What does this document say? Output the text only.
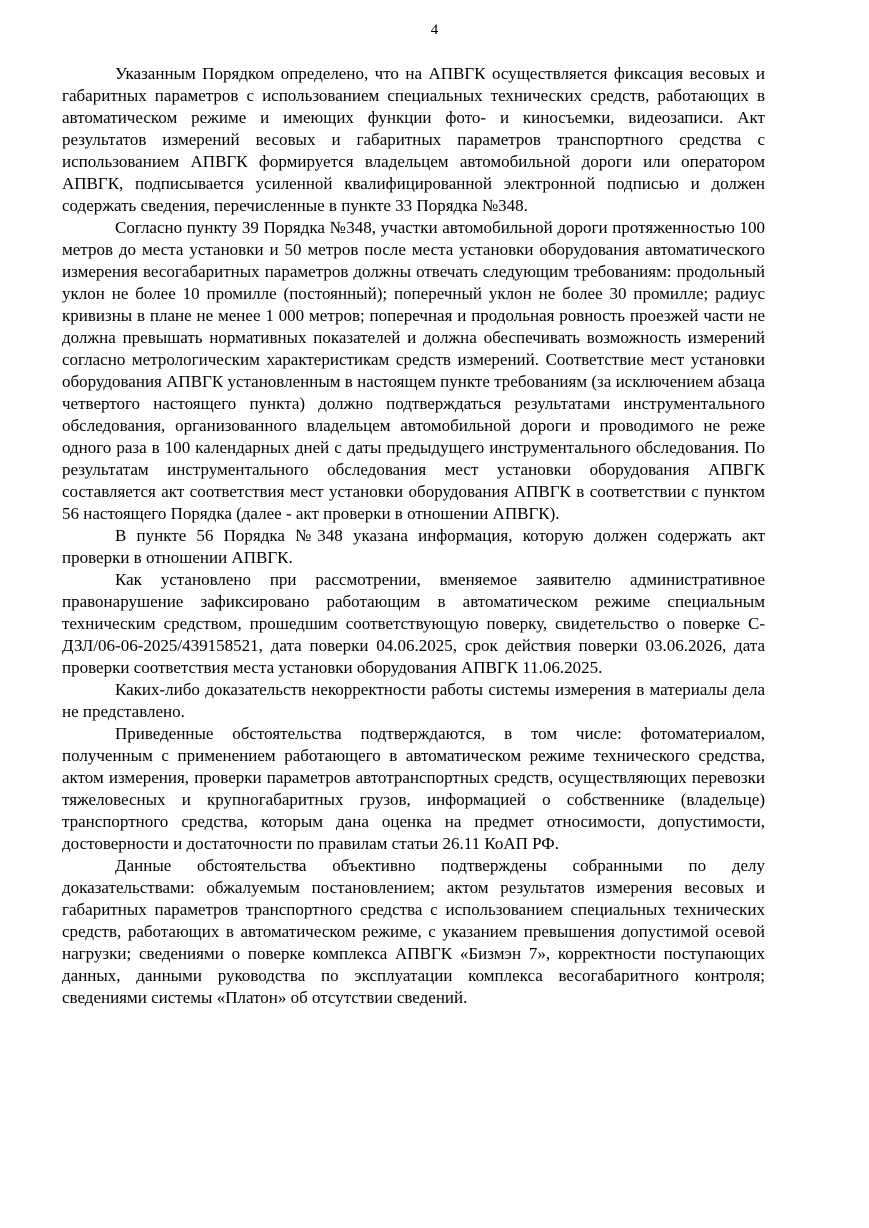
4

Указанным Порядком определено, что на АПВГК осуществляется фиксация весовых и габаритных параметров с использованием специальных технических средств, работающих в автоматическом режиме и имеющих функции фото- и киносъемки, видеозаписи. Акт результатов измерений весовых и габаритных параметров транспортного средства с использованием АПВГК формируется владельцем автомобильной дороги или оператором АПВГК, подписывается усиленной квалифицированной электронной подписью и должен содержать сведения, перечисленные в пункте 33 Порядка №348.

Согласно пункту 39 Порядка №348, участки автомобильной дороги протяженностью 100 метров до места установки и 50 метров после места установки оборудования автоматического измерения весогабаритных параметров должны отвечать следующим требованиям: продольный уклон не более 10 промилле (постоянный); поперечный уклон не более 30 промилле; радиус кривизны в плане не менее 1 000 метров; поперечная и продольная ровность проезжей части не должна превышать нормативных показателей и должна обеспечивать возможность измерений согласно метрологическим характеристикам средств измерений. Соответствие мест установки оборудования АПВГК установленным в настоящем пункте требованиям (за исключением абзаца четвертого настоящего пункта) должно подтверждаться результатами инструментального обследования, организованного владельцем автомобильной дороги и проводимого не реже одного раза в 100 календарных дней с даты предыдущего инструментального обследования. По результатам инструментального обследования мест установки оборудования АПВГК составляется акт соответствия мест установки оборудования АПВГК в соответствии с пунктом 56 настоящего Порядка (далее - акт проверки в отношении АПВГК).

В пункте 56 Порядка №348 указана информация, которую должен содержать акт проверки в отношении АПВГК.

Как установлено при рассмотрении, вменяемое заявителю административное правонарушение зафиксировано работающим в автоматическом режиме специальным техническим средством, прошедшим соответствующую поверку, свидетельство о поверке С-ДЗЛ/06-06-2025/439158521, дата поверки 04.06.2025, срок действия поверки 03.06.2026, дата проверки соответствия места установки оборудования АПВГК 11.06.2025.

Каких-либо доказательств некорректности работы системы измерения в материалы дела не представлено.

Приведенные обстоятельства подтверждаются, в том числе: фотоматериалом, полученным с применением работающего в автоматическом режиме технического средства, актом измерения, проверки параметров автотранспортных средств, осуществляющих перевозки тяжеловесных и крупногабаритных грузов, информацией о собственнике (владельце) транспортного средства, которым дана оценка на предмет относимости, допустимости, достоверности и достаточности по правилам статьи 26.11 КоАП РФ.

Данные обстоятельства объективно подтверждены собранными по делу доказательствами: обжалуемым постановлением; актом результатов измерения весовых и габаритных параметров транспортного средства с использованием специальных технических средств, работающих в автоматическом режиме, с указанием превышения допустимой осевой нагрузки; сведениями о поверке комплекса АПВГК «Бизмэн 7», корректности поступающих данных, данными руководства по эксплуатации комплекса весогабаритного контроля; сведениями системы «Платон» об отсутствии сведений.
